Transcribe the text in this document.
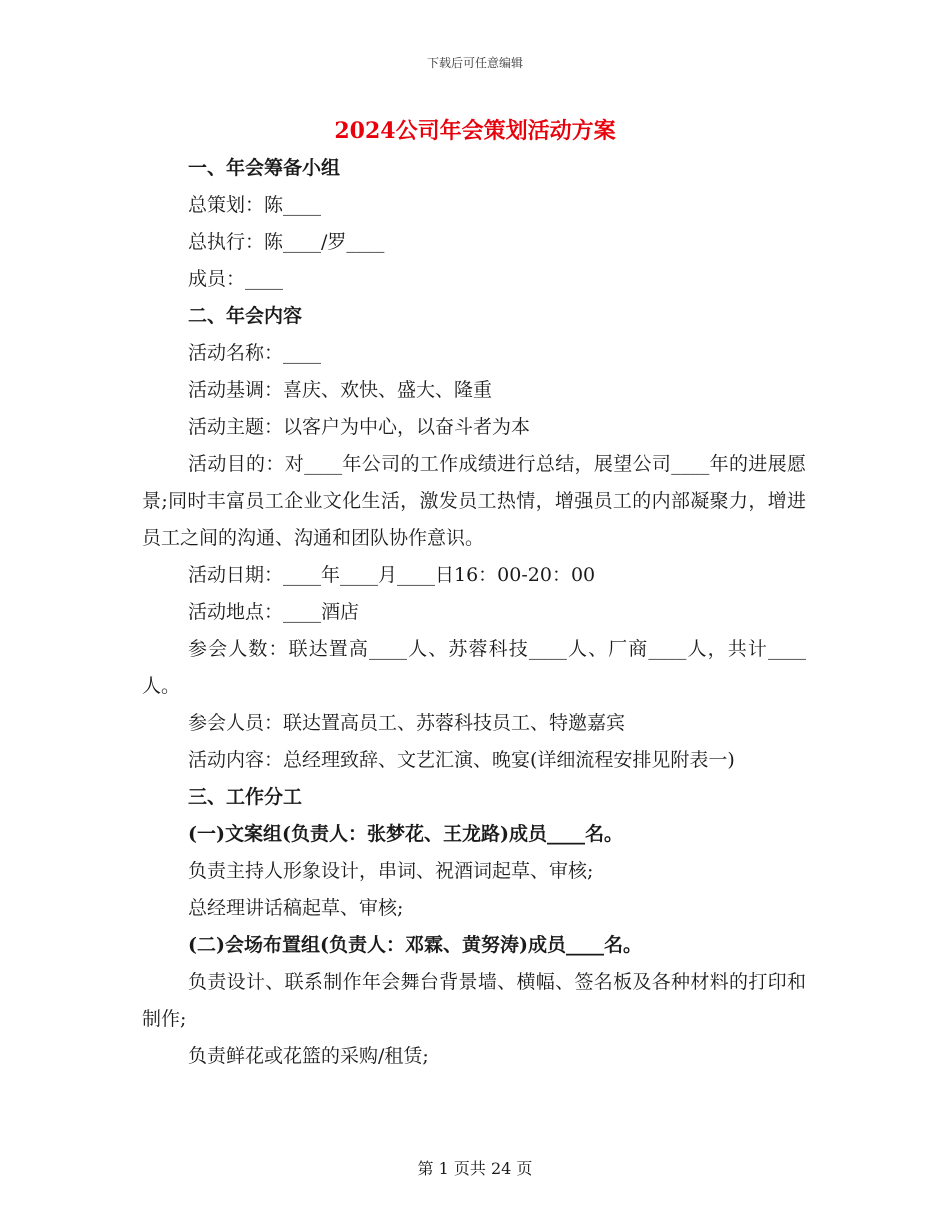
下载后可任意编辑
2024公司年会策划活动方案
一、年会筹备小组
总策划：陈____
总执行：陈____/罗____
成员：____
二、年会内容
活动名称：____
活动基调：喜庆、欢快、盛大、隆重
活动主题：以客户为中心，以奋斗者为本
活动目的：对____年公司的工作成绩进行总结，展望公司____年的进展愿景;同时丰富员工企业文化生活，激发员工热情，增强员工的内部凝聚力，增进员工之间的沟通、沟通和团队协作意识。
活动日期：____年____月____日16：00-20：00
活动地点：____酒店
参会人数：联达置高____人、苏蓉科技____人、厂商____人，共计____人。
参会人员：联达置高员工、苏蓉科技员工、特邀嘉宾
活动内容：总经理致辞、文艺汇演、晚宴(详细流程安排见附表一)
三、工作分工
(一)文案组(负责人：张梦花、王龙路)成员____名。
负责主持人形象设计，串词、祝酒词起草、审核;
总经理讲话稿起草、审核;
(二)会场布置组(负责人：邓霖、黄努涛)成员____名。
负责设计、联系制作年会舞台背景墙、横幅、签名板及各种材料的打印和制作;
负责鲜花或花篮的采购/租赁;
第 1 页共 24 页
